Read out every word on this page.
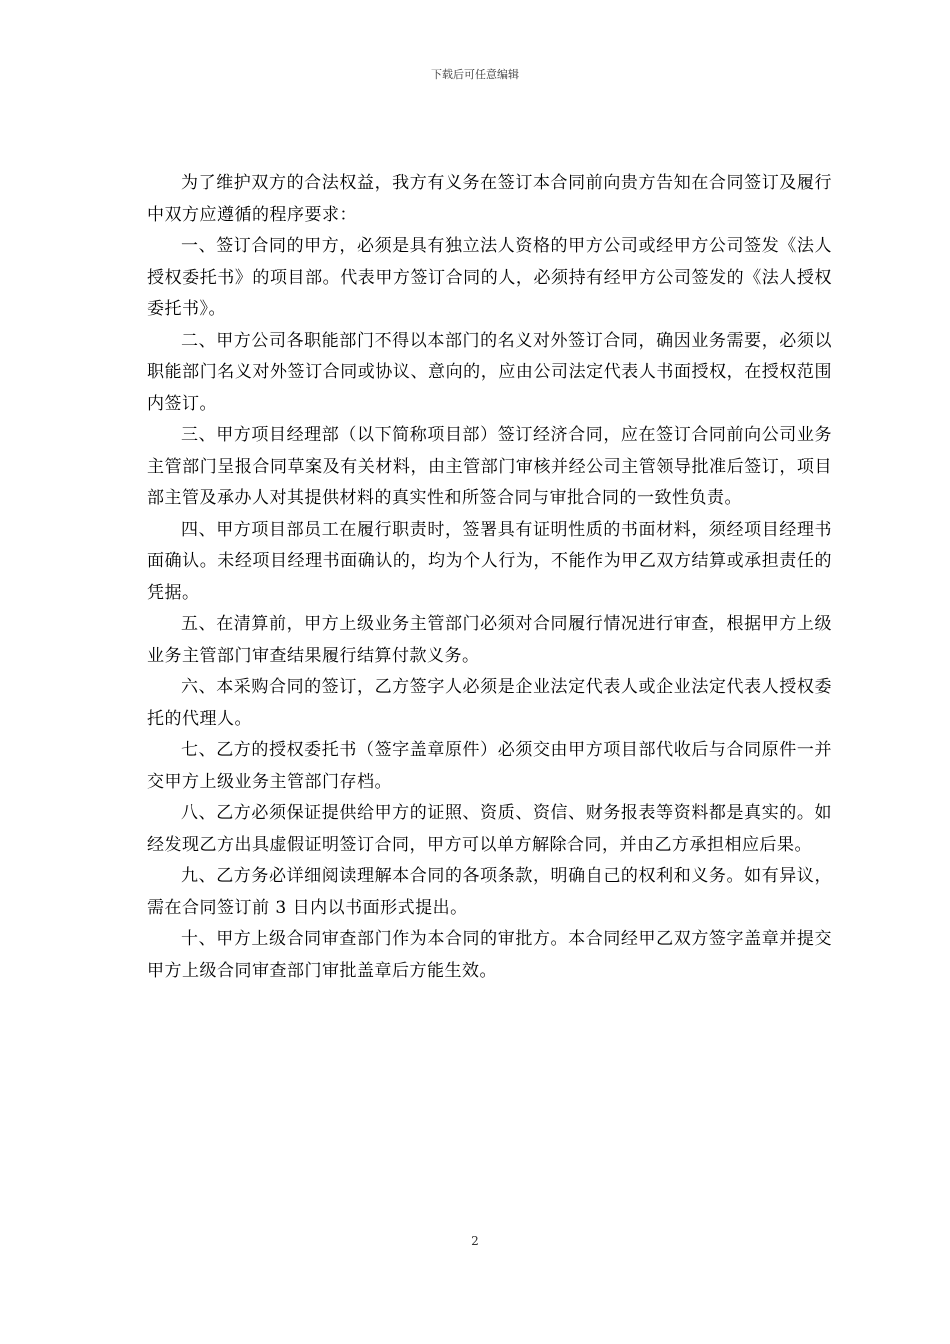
下载后可任意编辑

为了维护双方的合法权益，我方有义务在签订本合同前向贵方告知在合同签订及履行中双方应遵循的程序要求：

一、签订合同的甲方，必须是具有独立法人资格的甲方公司或经甲方公司签发《法人授权委托书》的项目部。代表甲方签订合同的人，必须持有经甲方公司签发的《法人授权委托书》。

二、甲方公司各职能部门不得以本部门的名义对外签订合同，确因业务需要，必须以职能部门名义对外签订合同或协议、意向的，应由公司法定代表人书面授权，在授权范围内签订。

三、甲方项目经理部（以下简称项目部）签订经济合同，应在签订合同前向公司业务主管部门呈报合同草案及有关材料，由主管部门审核并经公司主管领导批准后签订，项目部主管及承办人对其提供材料的真实性和所签合同与审批合同的一致性负责。

四、甲方项目部员工在履行职责时，签署具有证明性质的书面材料，须经项目经理书面确认。未经项目经理书面确认的，均为个人行为，不能作为甲乙双方结算或承担责任的凭据。

五、在清算前，甲方上级业务主管部门必须对合同履行情况进行审查，根据甲方上级业务主管部门审查结果履行结算付款义务。

六、本采购合同的签订，乙方签字人必须是企业法定代表人或企业法定代表人授权委托的代理人。

七、乙方的授权委托书（签字盖章原件）必须交由甲方项目部代收后与合同原件一并交甲方上级业务主管部门存档。

八、乙方必须保证提供给甲方的证照、资质、资信、财务报表等资料都是真实的。如经发现乙方出具虚假证明签订合同，甲方可以单方解除合同，并由乙方承担相应后果。

九、乙方务必详细阅读理解本合同的各项条款，明确自己的权利和义务。如有异议，需在合同签订前 3 日内以书面形式提出。

十、甲方上级合同审查部门作为本合同的审批方。本合同经甲乙双方签字盖章并提交甲方上级合同审查部门审批盖章后方能生效。

2
